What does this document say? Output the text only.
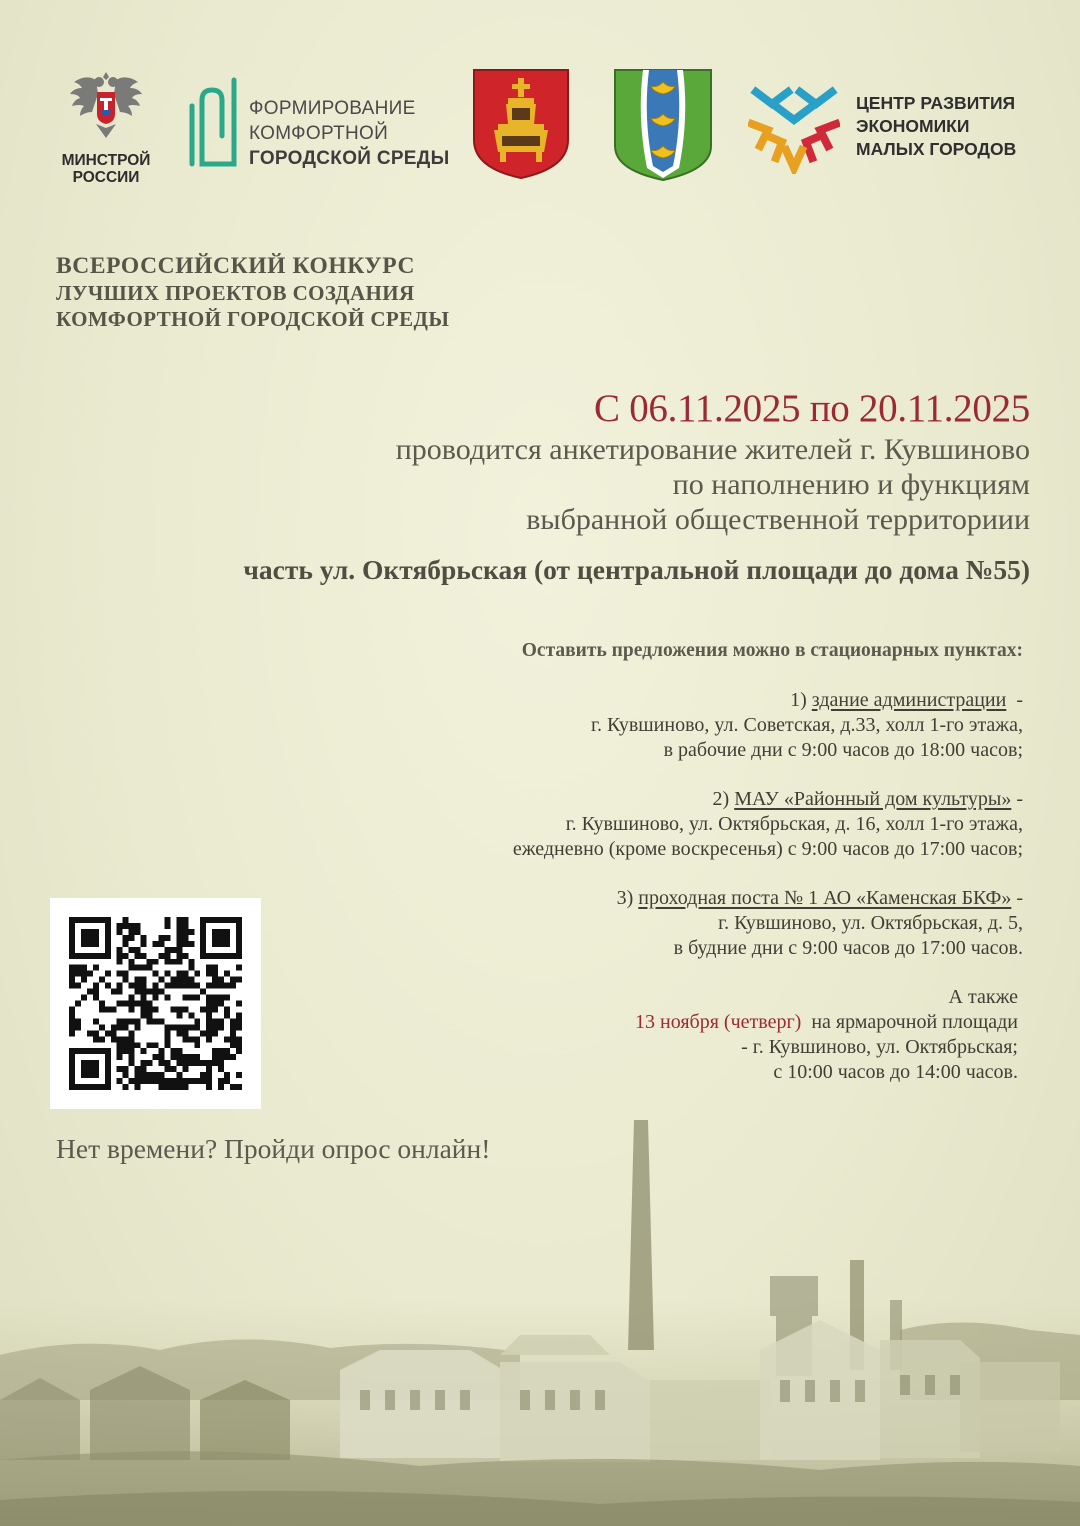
МИНСТРОЙ
РОССИИ
ФОРМИРОВАНИЕ
КОМФОРТНОЙ
ГОРОДСКОЙ СРЕДЫ
ЦЕНТР РАЗВИТИЯ
ЭКОНОМИКИ
МАЛЫХ ГОРОДОВ
ВСЕРОССИЙСКИЙ КОНКУРС
ЛУЧШИХ ПРОЕКТОВ СОЗДАНИЯ
КОМФОРТНОЙ ГОРОДСКОЙ СРЕДЫ
С 06.11.2025 по 20.11.2025
проводится анкетирование жителей г. Кувшиново
по наполнению и функциям
выбранной общественной территориии
часть ул. Октябрьская (от центральной площади до дома №55)
Оставить предложения можно в стационарных пунктах:
1) здание администрации  -
г. Кувшиново, ул. Советская, д.33, холл 1-го этажа,
в рабочие дни с 9:00 часов до 18:00 часов;
2) МАУ «Районный дом культуры» -
г. Кувшиново, ул. Октябрьская, д. 16, холл 1-го этажа,
ежедневно (кроме воскресенья) с 9:00 часов до 17:00 часов;
3) проходная поста № 1 АО «Каменская БКФ» -
г. Кувшиново, ул. Октябрьская, д. 5,
в будние дни с 9:00 часов до 17:00 часов.
А также
13 ноября (четверг)  на ярмарочной площади
- г. Кувшиново, ул. Октябрьская;
с 10:00 часов до 14:00 часов.
Нет времени? Пройди опрос онлайн!
